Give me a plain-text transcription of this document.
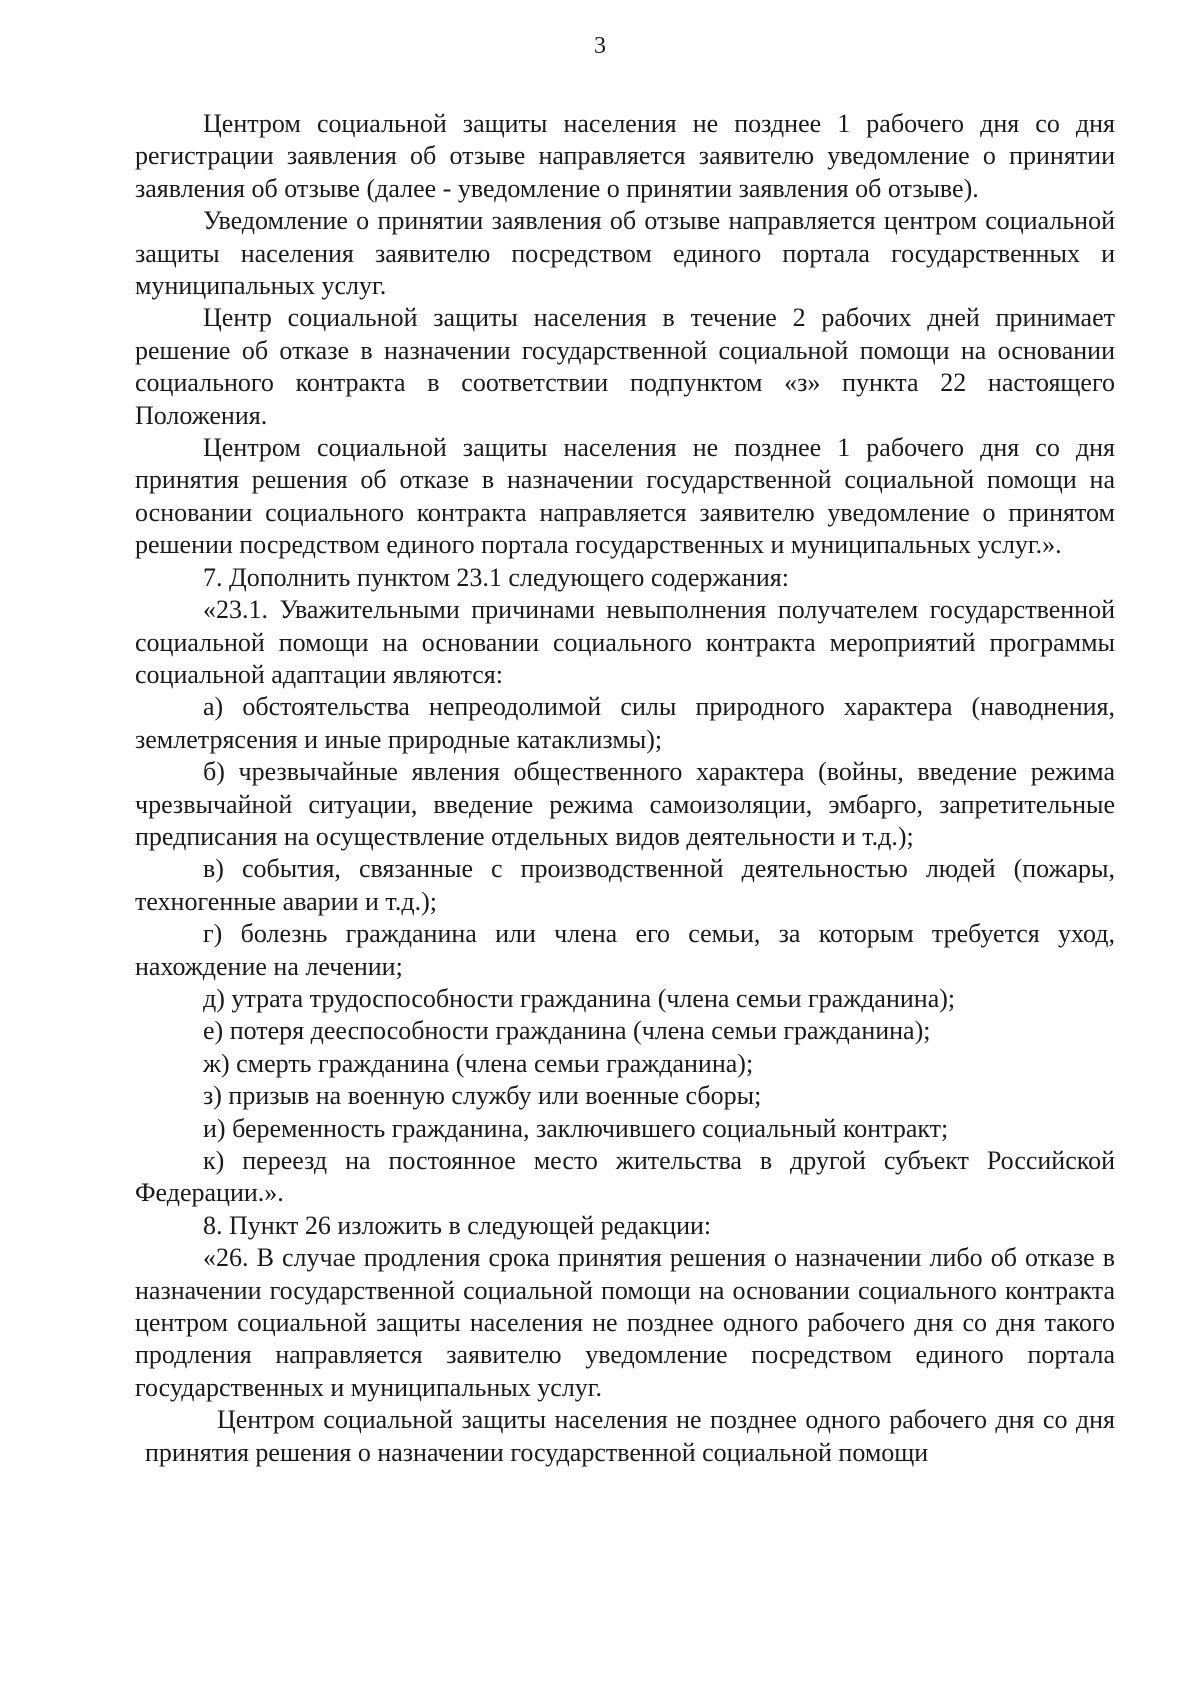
3

Центром социальной защиты населения не позднее 1 рабочего дня со дня регистрации заявления об отзыве направляется заявителю уведомление о принятии заявления об отзыве (далее - уведомление о принятии заявления об отзыве).

Уведомление о принятии заявления об отзыве направляется центром социальной защиты населения заявителю посредством единого портала государственных и муниципальных услуг.

Центр социальной защиты населения в течение 2 рабочих дней принимает решение об отказе в назначении государственной социальной помощи на основании социального контракта в соответствии подпунктом «з» пункта 22 настоящего Положения.

Центром социальной защиты населения не позднее 1 рабочего дня со дня принятия решения об отказе в назначении государственной социальной помощи на основании социального контракта направляется заявителю уведомление о принятом решении посредством единого портала государственных и муниципальных услуг.».

7. Дополнить пунктом 23.1 следующего содержания:

«23.1. Уважительными причинами невыполнения получателем государственной социальной помощи на основании социального контракта мероприятий программы социальной адаптации являются:

а) обстоятельства непреодолимой силы природного характера (наводнения, землетрясения и иные природные катаклизмы);

б) чрезвычайные явления общественного характера (войны, введение режима чрезвычайной ситуации, введение режима самоизоляции, эмбарго, запретительные предписания на осуществление отдельных видов деятельности и т.д.);

в) события, связанные с производственной деятельностью людей (пожары, техногенные аварии и т.д.);

г) болезнь гражданина или члена его семьи, за которым требуется уход, нахождение на лечении;

д) утрата трудоспособности гражданина (члена семьи гражданина);

е) потеря дееспособности гражданина (члена семьи гражданина);

ж) смерть гражданина (члена семьи гражданина);

з) призыв на военную службу или военные сборы;

и) беременность гражданина, заключившего социальный контракт;

к) переезд на постоянное место жительства в другой субъект Российской Федерации.».

8. Пункт 26 изложить в следующей редакции:

«26. В случае продления срока принятия решения о назначении либо об отказе в назначении государственной социальной помощи на основании социального контракта центром социальной защиты населения не позднее одного рабочего дня со дня такого продления направляется заявителю уведомление посредством единого портала государственных и муниципальных услуг.

Центром социальной защиты населения не позднее одного рабочего дня со дня принятия решения о назначении государственной социальной помощи
